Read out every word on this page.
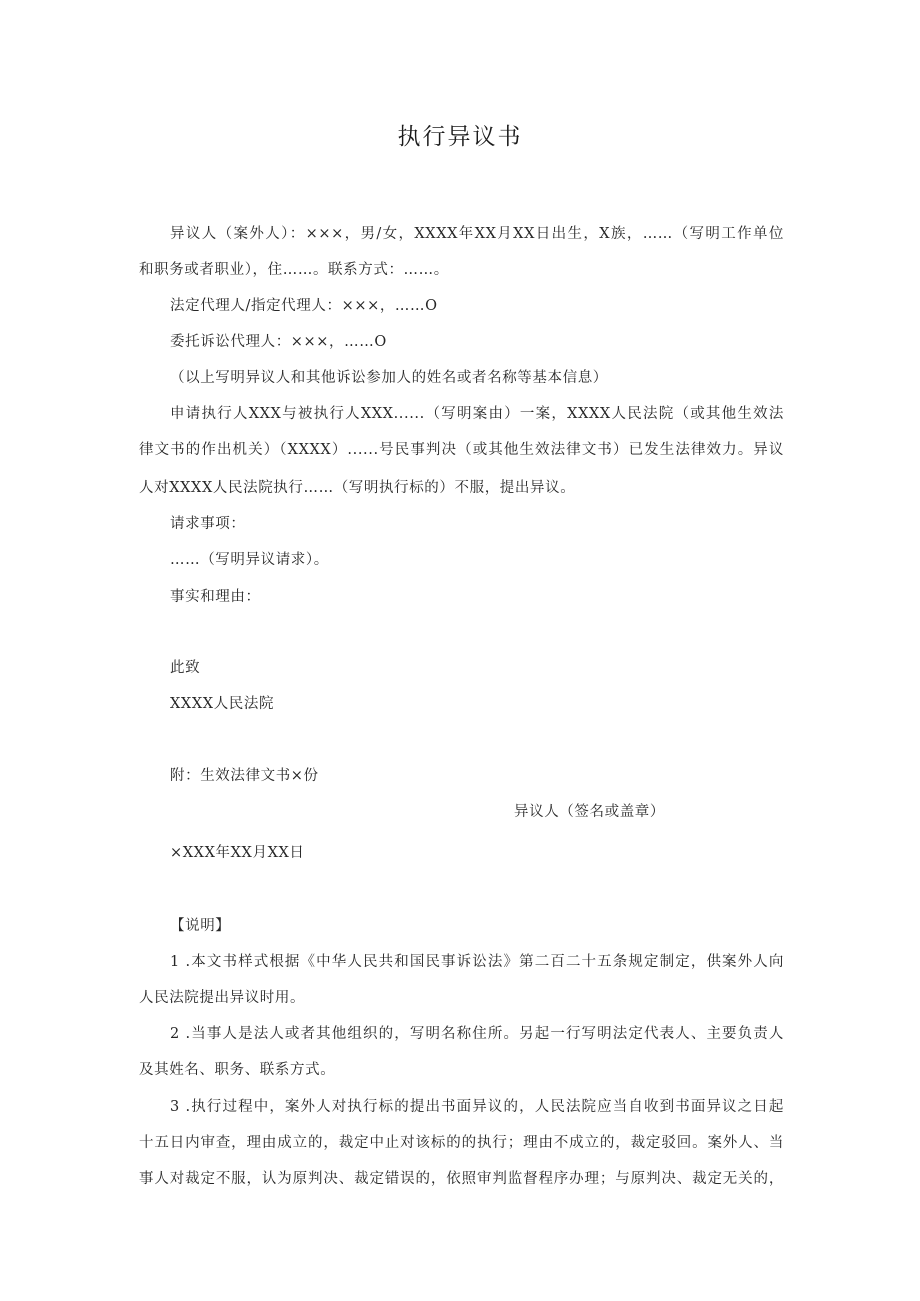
执行异议书
异议人（案外人）：×××，男/女，XXXX年XX月XX日出生，X族，……（写明工作单位
和职务或者职业），住……。联系方式：……。
法定代理人/指定代理人：×××，……O
委托诉讼代理人：×××，……O
（以上写明异议人和其他诉讼参加人的姓名或者名称等基本信息）
申请执行人XXX与被执行人XXX......（写明案由）一案，XXXX人民法院（或其他生效法
律文书的作出机关）（XXXX）......号民事判决（或其他生效法律文书）已发生法律效力。异议
人对XXXX人民法院执行……（写明执行标的）不服，提出异议。
请求事项：
……（写明异议请求）。
事实和理由：
此致
XXXX人民法院
附：生效法律文书×份
异议人（签名或盖章）
×XXX年XX月XX日
【说明】
1 .本文书样式根据《中华人民共和国民事诉讼法》第二百二十五条规定制定，供案外人向
人民法院提出异议时用。
2 .当事人是法人或者其他组织的，写明名称住所。另起一行写明法定代表人、主要负责人
及其姓名、职务、联系方式。
3 .执行过程中，案外人对执行标的提出书面异议的，人民法院应当自收到书面异议之日起
十五日内审查，理由成立的，裁定中止对该标的的执行；理由不成立的，裁定驳回。案外人、当
事人对裁定不服，认为原判决、裁定错误的，依照审判监督程序办理；与原判决、裁定无关的，
